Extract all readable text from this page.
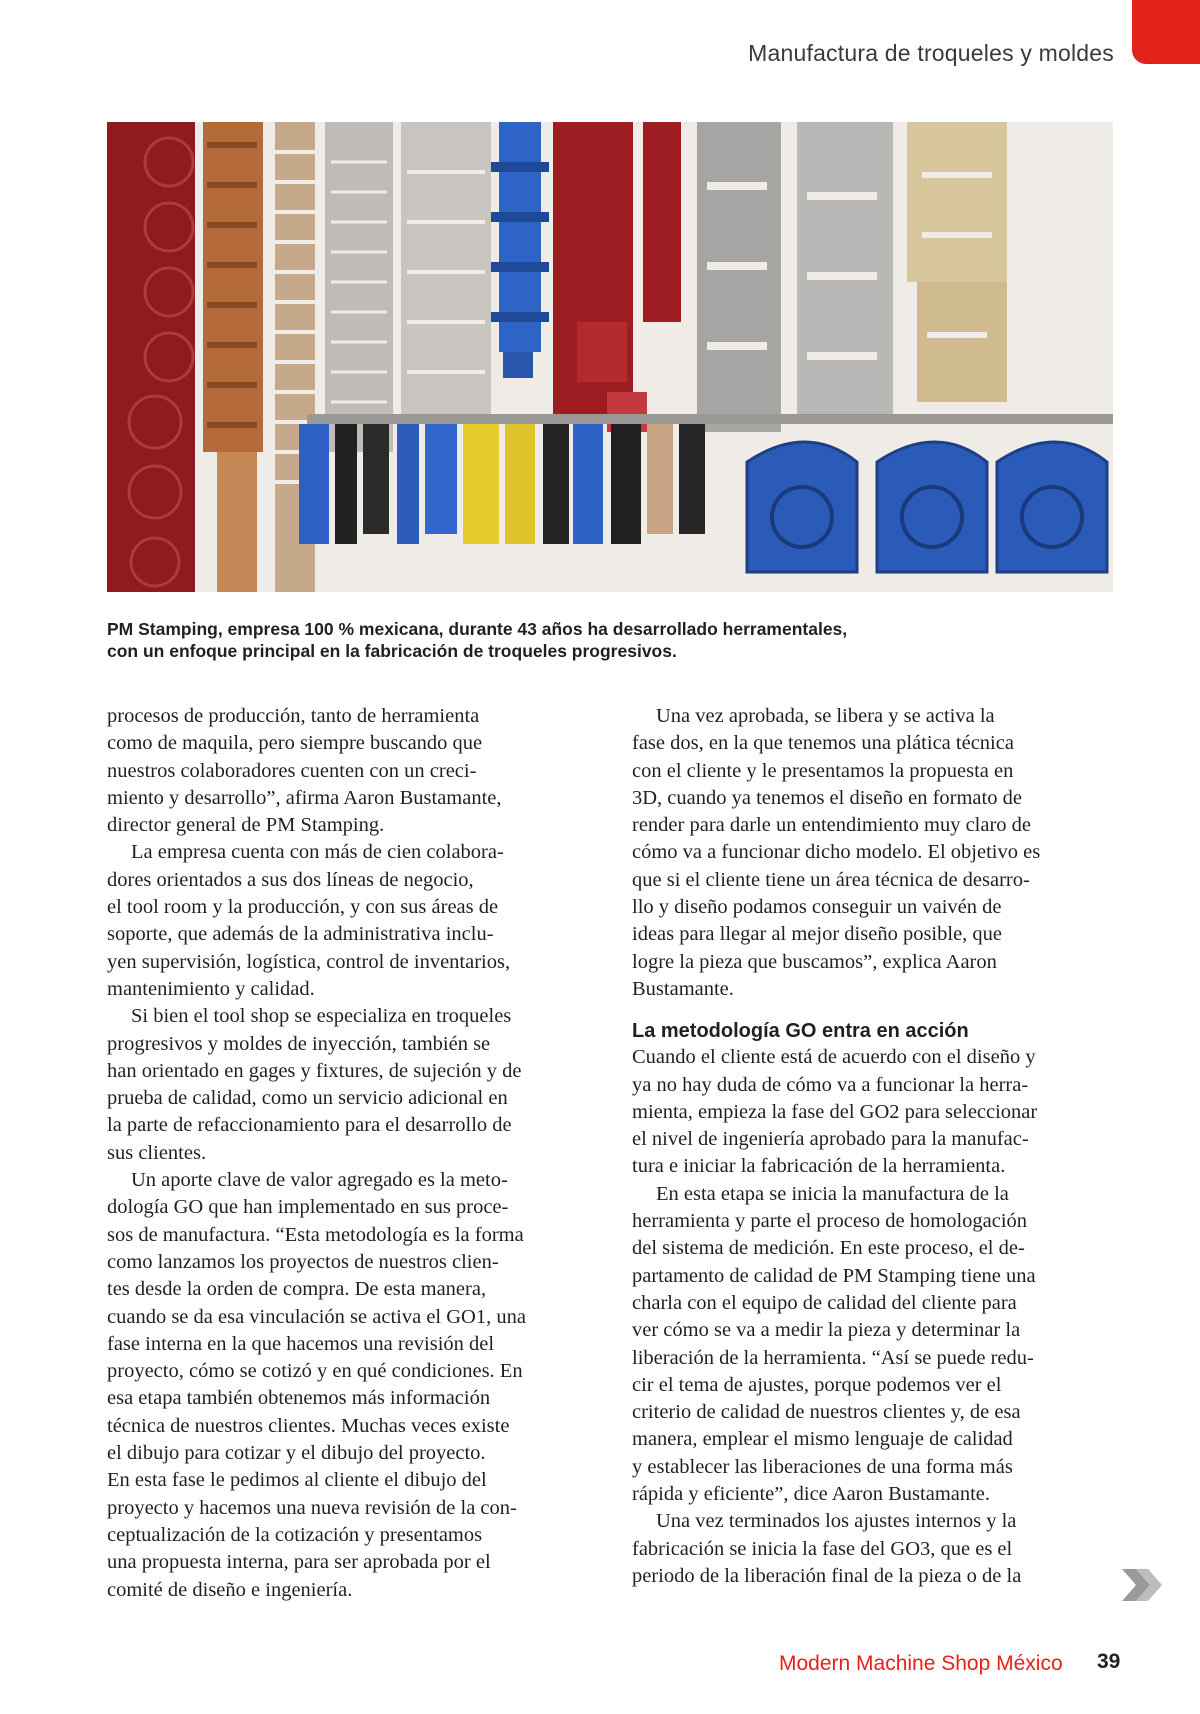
Manufactura de troqueles y moldes
PM Stamping, empresa 100 % mexicana, durante 43 años ha desarrollado herramentales,
con un enfoque principal en la fabricación de troqueles progresivos.

procesos de producción, tanto de herramienta
como de maquila, pero siempre buscando que
nuestros colaboradores cuenten con un creci-
miento y desarrollo”, afirma Aaron Bustamante,
director general de PM Stamping.

La empresa cuenta con más de cien colabora-
dores orientados a sus dos líneas de negocio,
el tool room y la producción, y con sus áreas de
soporte, que además de la administrativa inclu-
yen supervisión, logística, control de inventarios,
mantenimiento y calidad.

Si bien el tool shop se especializa en troqueles
progresivos y moldes de inyección, también se
han orientado en gages y fixtures, de sujeción y de
prueba de calidad, como un servicio adicional en
la parte de refaccionamiento para el desarrollo de
sus clientes.

Un aporte clave de valor agregado es la meto-
dología GO que han implementado en sus proce-
sos de manufactura. “Esta metodología es la forma
como lanzamos los proyectos de nuestros clien-
tes desde la orden de compra. De esta manera,
cuando se da esa vinculación se activa el GO1, una
fase interna en la que hacemos una revisión del
proyecto, cómo se cotizó y en qué condiciones. En
esa etapa también obtenemos más información
técnica de nuestros clientes. Muchas veces existe
el dibujo para cotizar y el dibujo del proyecto.

En esta fase le pedimos al cliente el dibujo del
proyecto y hacemos una nueva revisión de la con-
ceptualización de la cotización y presentamos
una propuesta interna, para ser aprobada por el
comité de diseño e ingeniería.

Una vez aprobada, se libera y se activa la
fase dos, en la que tenemos una plática técnica
con el cliente y le presentamos la propuesta en
3D, cuando ya tenemos el diseño en formato de
render para darle un entendimiento muy claro de
cómo va a funcionar dicho modelo. El objetivo es
que si el cliente tiene un área técnica de desarro-
llo y diseño podamos conseguir un vaivén de
ideas para llegar al mejor diseño posible, que
logre la pieza que buscamos”, explica Aaron
Bustamante.

La metodología GO entra en acción

Cuando el cliente está de acuerdo con el diseño y
ya no hay duda de cómo va a funcionar la herra-
mienta, empieza la fase del GO2 para seleccionar
el nivel de ingeniería aprobado para la manufac-
tura e iniciar la fabricación de la herramienta.

En esta etapa se inicia la manufactura de la
herramienta y parte el proceso de homologación
del sistema de medición. En este proceso, el de-
partamento de calidad de PM Stamping tiene una
charla con el equipo de calidad del cliente para
ver cómo se va a medir la pieza y determinar la
liberación de la herramienta. “Así se puede redu-
cir el tema de ajustes, porque podemos ver el
criterio de calidad de nuestros clientes y, de esa
manera, emplear el mismo lenguaje de calidad
y establecer las liberaciones de una forma más
rápida y eficiente”, dice Aaron Bustamante.

Una vez terminados los ajustes internos y la
fabricación se inicia la fase del GO3, que es el
periodo de la liberación final de la pieza o de la

Modern Machine Shop México 39
